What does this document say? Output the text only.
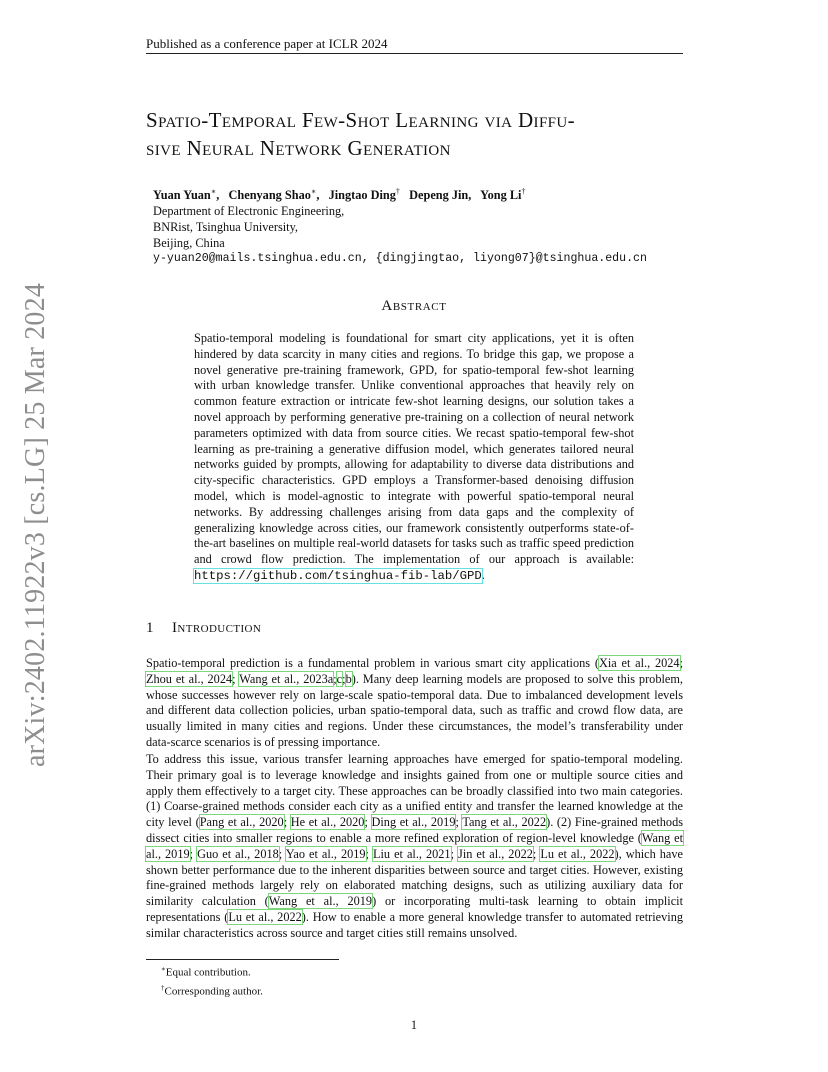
arXiv:2402.11922v3 [cs.LG] 25 Mar 2024
Published as a conference paper at ICLR 2024
Spatio-Temporal Few-Shot Learning via Diffu-
sive Neural Network Generation
Yuan Yuan∗,   Chenyang Shao∗,   Jingtao Ding† Depeng Jin,   Yong Li†
Department of Electronic Engineering,
BNRist, Tsinghua University,
Beijing, China
y-yuan20@mails.tsinghua.edu.cn, {dingjingtao, liyong07}@tsinghua.edu.cn
Abstract
Spatio-temporal modeling is foundational for smart city applications, yet it is often hindered by data scarcity in many cities and regions. To bridge this gap, we propose a novel generative pre-training framework, GPD, for spatio-temporal few-shot learning with urban knowledge transfer. Unlike conventional approaches that heavily rely on common feature extraction or intricate few-shot learning designs, our solution takes a novel approach by performing generative pre-training on a collection of neural network parameters optimized with data from source cities. We recast spatio-temporal few-shot learning as pre-training a generative diffusion model, which generates tailored neural networks guided by prompts, allowing for adaptability to diverse data distributions and city-specific characteristics. GPD employs a Transformer-based denoising diffusion model, which is model-agnostic to integrate with powerful spatio-temporal neural networks. By addressing challenges arising from data gaps and the complexity of generalizing knowledge across cities, our framework consistently outperforms state-of-the-art baselines on multiple real-world datasets for tasks such as traffic speed prediction and crowd flow prediction. The implementation of our approach is available: https://github.com/tsinghua-fib-lab/GPD.
1 Introduction
Spatio-temporal prediction is a fundamental problem in various smart city applications (Xia et al., 2024; Zhou et al., 2024; Wang et al., 2023a;c;b). Many deep learning models are proposed to solve this problem, whose successes however rely on large-scale spatio-temporal data. Due to imbalanced development levels and different data collection policies, urban spatio-temporal data, such as traffic and crowd flow data, are usually limited in many cities and regions. Under these circumstances, the model’s transferability under data-scarce scenarios is of pressing importance.
To address this issue, various transfer learning approaches have emerged for spatio-temporal modeling. Their primary goal is to leverage knowledge and insights gained from one or multiple source cities and apply them effectively to a target city. These approaches can be broadly classified into two main categories. (1) Coarse-grained methods consider each city as a unified entity and transfer the learned knowledge at the city level (Pang et al., 2020; He et al., 2020; Ding et al., 2019; Tang et al., 2022). (2) Fine-grained methods dissect cities into smaller regions to enable a more refined exploration of region-level knowledge (Wang et al., 2019; Guo et al., 2018; Yao et al., 2019; Liu et al., 2021; Jin et al., 2022; Lu et al., 2022), which have shown better performance due to the inherent disparities between source and target cities. However, existing fine-grained methods largely rely on elaborated matching designs, such as utilizing auxiliary data for similarity calculation (Wang et al., 2019) or incorporating multi-task learning to obtain implicit representations (Lu et al., 2022). How to enable a more general knowledge transfer to automated retrieving similar characteristics across source and target cities still remains unsolved.
∗Equal contribution.
†Corresponding author.
1
